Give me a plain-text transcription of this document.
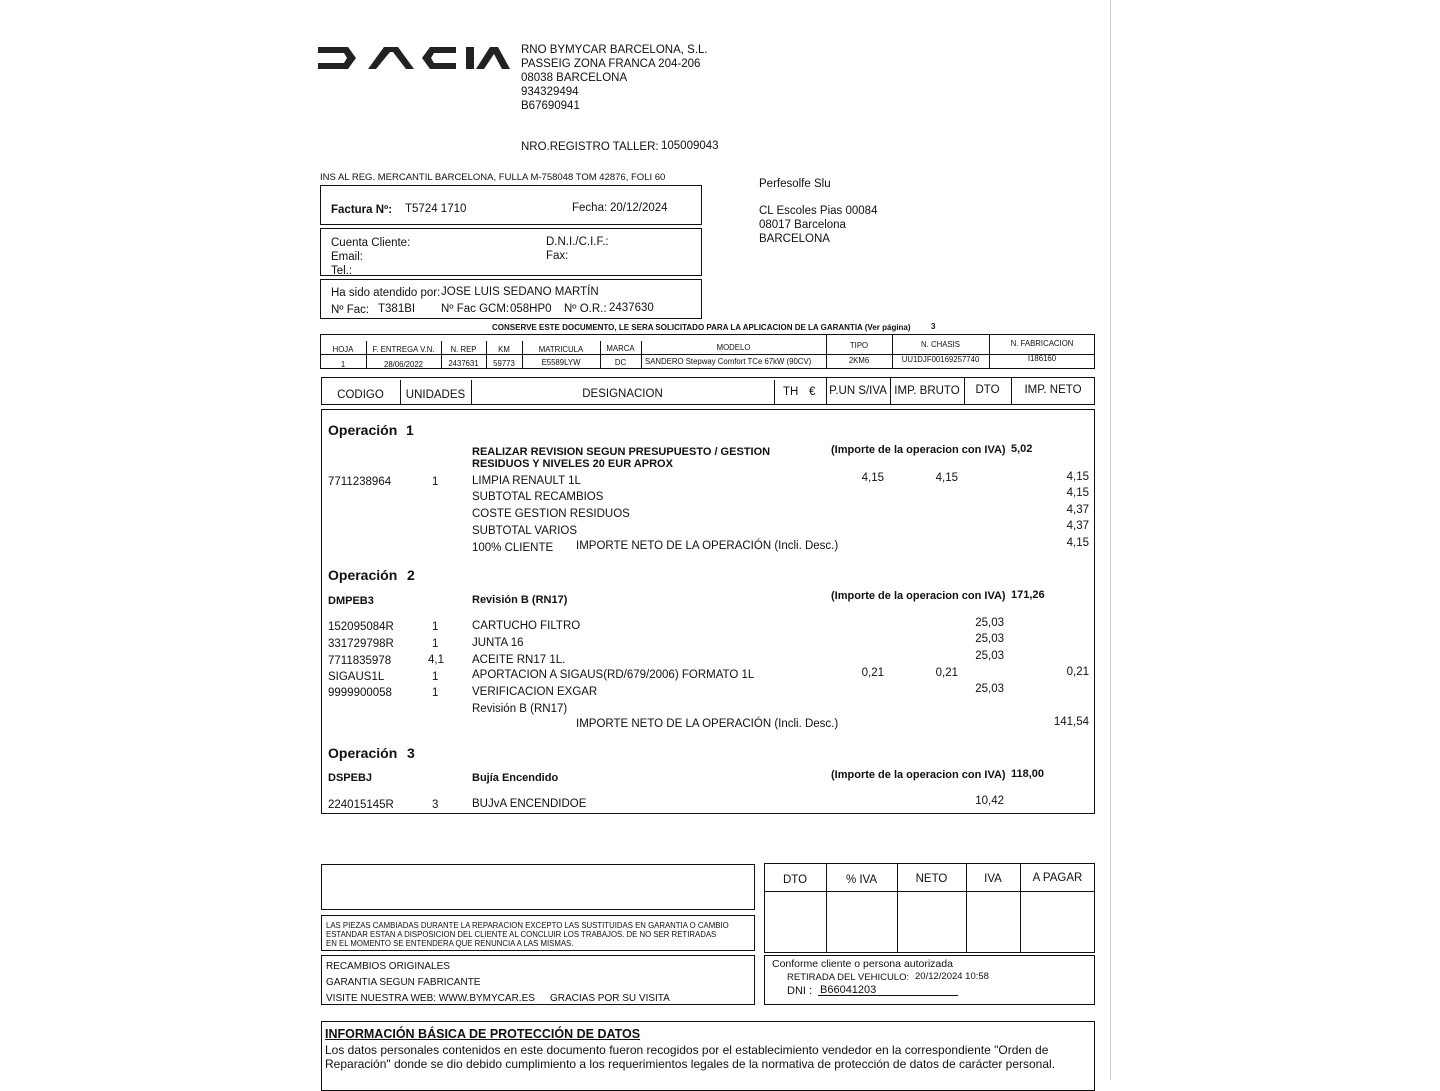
RNO BYMYCAR BARCELONA, S.L.
PASSEIG ZONA FRANCA 204-206
08038 BARCELONA
934329494
B67690941
NRO.REGISTRO TALLER: 105009043
INS AL REG. MERCANTIL BARCELONA, FULLA M-758048 TOM 42876, FOLI 60
Factura Nº: T5724 1710	Fecha: 20/12/2024
Cuenta Cliente:
Email:
Tel.:
D.N.I./C.I.F.:
Fax:
Ha sido atendido por: JOSE LUIS SEDANO MARTÍN
Nº Fac: T381BI Nº Fac GCM: 058HP0 Nº O.R.: 2437630
Perfesolfe Slu
CL Escoles Pias 00084
08017 Barcelona
BARCELONA
CONSERVE ESTE DOCUMENTO, LE SERA SOLICITADO PARA LA APLICACION DE LA GARANTIA (Ver página)	3
HOJA	F. ENTREGA V.N.	N. REP	KM	MATRICULA	MARCA	MODELO	TIPO	N. CHASIS	N. FABRICACION
1	28/06/2022	2437631	59773	E5589LYW	DC	SANDERO Stepway Comfort TCe 67kW (90CV)	2KM6	UU1DJF00169257740	I186160
CODIGO	UNIDADES	DESIGNACION	TH € P.UN S/IVA IMP. BRUTO	DTO	IMP. NETO
Operación 1
REALIZAR REVISION SEGUN PRESUPUESTO / GESTION
RESIDUOS Y NIVELES 20 EUR APROX
(Importe de la operacion con IVA) 5,02
7711238964	1	LIMPIA RENAULT 1L	4,15	4,15	4,15
SUBTOTAL RECAMBIOS	4,15
COSTE GESTION RESIDUOS	4,37
SUBTOTAL VARIOS	4,37
100% CLIENTE IMPORTE NETO DE LA OPERACIÓN (Incli. Desc.)	4,15
Operación 2
DMPEB3	Revisión B (RN17)	(Importe de la operacion con IVA) 171,26
152095084R	1	CARTUCHO FILTRO	25,03
331729798R	1	JUNTA 16	25,03
7711835978	4,1 ACEITE RN17 1L.	25,03
SIGAUS1L	1	APORTACION A SIGAUS(RD/679/2006) FORMATO 1L	0,21	0,21	0,21
9999900058	1	VERIFICACION EXGAR	25,03
Revisión B (RN17)
IMPORTE NETO DE LA OPERACIÓN (Incli. Desc.)	141,54
Operación 3
DSPEBJ	Bujía Encendido	(Importe de la operacion con IVA) 118,00
224015145R	3	BUJvA ENCENDIDOE	10,42
LAS PIEZAS CAMBIADAS DURANTE LA REPARACION EXCEPTO LAS SUSTITUIDAS EN GARANTIA O CAMBIO
ESTANDAR ESTAN A DISPOSICION DEL CLIENTE AL CONCLUIR LOS TRABAJOS. DE NO SER RETIRADAS
EN EL MOMENTO SE ENTENDERA QUE RENUNCIA A LAS MISMAS.
RECAMBIOS ORIGINALES
GARANTIA SEGUN FABRICANTE
VISITE NUESTRA WEB: WWW.BYMYCAR.ES GRACIAS POR SU VISITA
DTO	% IVA	NETO	IVA	A PAGAR
Conforme cliente o persona autorizada
RETIRADA DEL VEHICULO: 20/12/2024 10:58
DNI : B66041203
INFORMACIÓN BÁSICA DE PROTECCIÓN DE DATOS
Los datos personales contenidos en este documento fueron recogidos por el establecimiento vendedor en la correspondiente "Orden de
Reparación" donde se dio debido cumplimiento a los requerimientos legales de la normativa de protección de datos de carácter personal.
